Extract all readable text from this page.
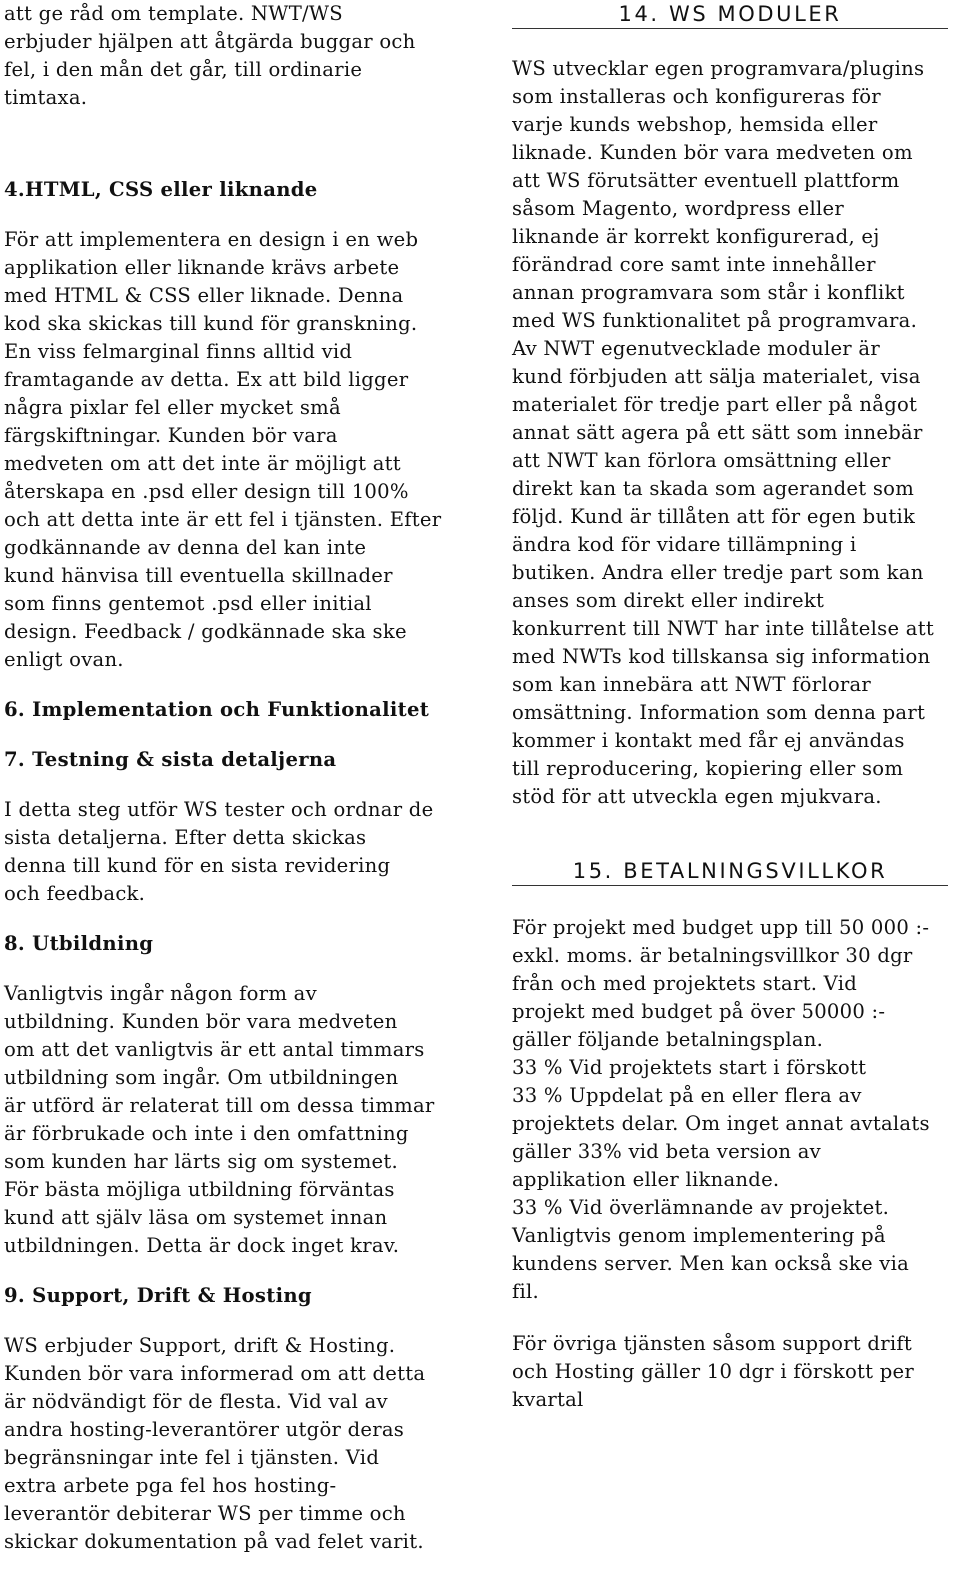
att ge råd om template. NWT/WS
erbjuder hjälpen att åtgärda buggar och
fel, i den mån det går, till ordinarie
timtaxa.

4.HTML, CSS eller liknande

För att implementera en design i en web
applikation eller liknande krävs arbete
med HTML & CSS eller liknade. Denna
kod ska skickas till kund för granskning.
En viss felmarginal finns alltid vid
framtagande av detta. Ex att bild ligger
några pixlar fel eller mycket små
färgskiftningar. Kunden bör vara
medveten om att det inte är möjligt att
återskapa en .psd eller design till 100%
och att detta inte är ett fel i tjänsten. Efter
godkännande av denna del kan inte
kund hänvisa till eventuella skillnader
som finns gentemot .psd eller initial
design. Feedback / godkännade ska ske
enligt ovan.

6. Implementation och Funktionalitet
7. Testning & sista detaljerna

I detta steg utför WS tester och ordnar de
sista detaljerna. Efter detta skickas
denna till kund för en sista revidering
och feedback.

8. Utbildning

Vanligtvis ingår någon form av
utbildning. Kunden bör vara medveten
om att det vanligtvis är ett antal timmars
utbildning som ingår. Om utbildningen
är utförd är relaterat till om dessa timmar
är förbrukade och inte i den omfattning
som kunden har lärts sig om systemet.
För bästa möjliga utbildning förväntas
kund att själv läsa om systemet innan
utbildningen. Detta är dock inget krav.

9. Support, Drift & Hosting

WS erbjuder Support, drift & Hosting.
Kunden bör vara informerad om att detta
är nödvändigt för de flesta. Vid val av
andra hosting-leverantörer utgör deras
begränsningar inte fel i tjänsten. Vid
extra arbete pga fel hos hosting-
leverantör debiterar WS per timme och
skickar dokumentation på vad felet varit.

14. WS MODULER

WS utvecklar egen programvara/plugins
som installeras och konfigureras för
varje kunds webshop, hemsida eller
liknade. Kunden bör vara medveten om
att WS förutsätter eventuell plattform
såsom Magento, wordpress eller
liknande är korrekt konfigurerad, ej
förändrad core samt inte innehåller
annan programvara som står i konflikt
med WS funktionalitet på programvara.
Av NWT egenutvecklade moduler är
kund förbjuden att sälja materialet, visa
materialet för tredje part eller på något
annat sätt agera på ett sätt som innebär
att NWT kan förlora omsättning eller
direkt kan ta skada som agerandet som
följd. Kund är tillåten att för egen butik
ändra kod för vidare tillämpning i
butiken. Andra eller tredje part som kan
anses som direkt eller indirekt
konkurrent till NWT har inte tillåtelse att
med NWTs kod tillskansa sig information
som kan innebära att NWT förlorar
omsättning. Information som denna part
kommer i kontakt med får ej användas
till reproducering, kopiering eller som
stöd för att utveckla egen mjukvara.

15. BETALNINGSVILLKOR

För projekt med budget upp till 50 000 :-
exkl. moms. är betalningsvillkor 30 dgr
från och med projektets start. Vid
projekt med budget på över 50000 :-
gäller följande betalningsplan.
33 % Vid projektets start i förskott
33 % Uppdelat på en eller flera av
projektets delar. Om inget annat avtalats
gäller 33% vid beta version av
applikation eller liknande.
33 % Vid överlämnande av projektet.
Vanligtvis genom implementering på
kundens server. Men kan också ske via
fil.

För övriga tjänsten såsom support drift
och Hosting gäller 10 dgr i förskott per
kvartal
